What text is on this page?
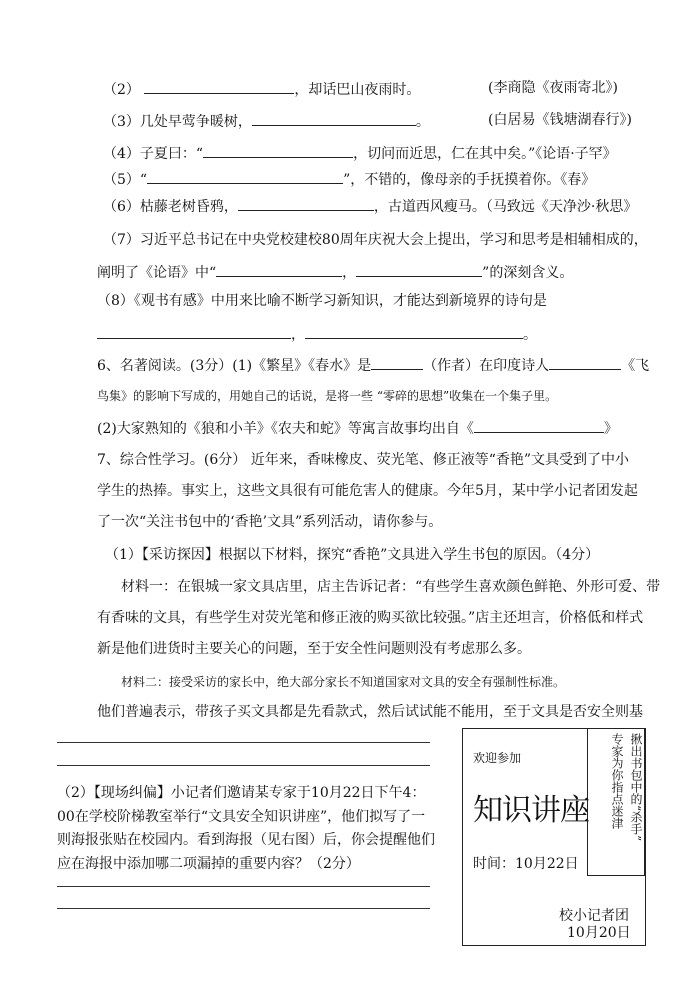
（2）	，却话巴山夜雨时。	(李商隐《夜雨寄北》)
（3）几处早莺争暖树，	。	(白居易《钱塘湖春行》)
（4）子夏曰：“	，切问而近思，仁在其中矣。”《论语·子罕》
（5）“	”，不错的，像母亲的手抚摸着你。《春》
（6）枯藤老树昏鸦，	，古道西风瘦马。（马致远《天净沙·秋思》
（7）习近平总书记在中央党校建校80周年庆祝大会上提出，学习和思考是相辅相成的，
阐明了《论语》中“	，	”的深刻含义。
（8）《观书有感》中用来比喻不断学习新知识，才能达到新境界的诗句是
，	。
6、名著阅读。(3分）(1)《繁星》《春水》是	（作者）在印度诗人	《飞
鸟集》的影响下写成的，用她自己的话说，是将一些 “零碎的思想”收集在一个集子里。
(2)大家熟知的《狼和小羊》《农夫和蛇》等寓言故事均出自《	》
7、综合性学习。(6分） 近年来，香味橡皮、荧光笔、修正液等“香艳”文具受到了中小
学生的热捧。事实上，这些文具很有可能危害人的健康。今年5月，某中学小记者团发起
了一次“关注书包中的‘香艳’文具”系列活动，请你参与。
（1）【采访探因】根据以下材料，探究“香艳”文具进入学生书包的原因。（4分）
材料一：在银城一家文具店里，店主告诉记者：“有些学生喜欢颜色鲜艳、外形可爱、带
有香味的文具，有些学生对荧光笔和修正液的购买欲比较强。”店主还坦言，价格低和样式
新是他们进货时主要关心的问题，至于安全性问题则没有考虑那么多。
材料二：接受采访的家长中，绝大部分家长不知道国家对文具的安全有强制性标准。
他们普遍表示，带孩子买文具都是先看款式，然后试试能不能用，至于文具是否安全则基
（2）【现场纠偏】小记者们邀请某专家于10月22日下午4：
00在学校阶梯教室举行“文具安全知识讲座”，他们拟写了一
则海报张贴在校园内。看到海报（见右图）后，你会提醒他们
应在海报中添加哪二项漏掉的重要内容？（2分）
欢迎参加
知识讲座
时间：10月22日
专家为你指点迷津 揪出书包中的“杀手”
校小记者团
10月20日
